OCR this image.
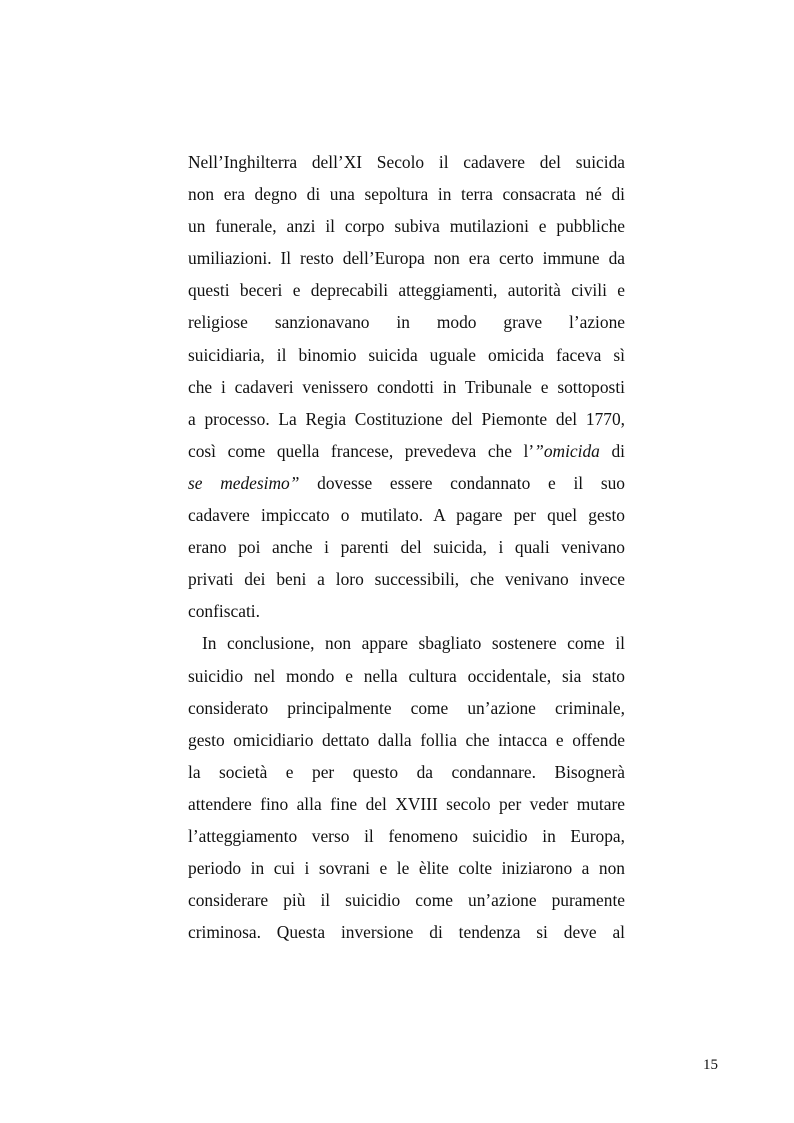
Nell’Inghilterra dell’XI Secolo il cadavere del suicida
non era degno di una sepoltura in terra consacrata né di
un funerale, anzi il corpo subiva mutilazioni e pubbliche
umiliazioni. Il resto dell’Europa non era certo immune da
questi beceri e deprecabili atteggiamenti, autorità civili e
religiose sanzionavano in modo grave l’azione
suicidiaria, il binomio suicida uguale omicida faceva sì
che i cadaveri venissero condotti in Tribunale e sottoposti
a processo. La Regia Costituzione del Piemonte del 1770,
così come quella francese, prevedeva che l’”omicida di
se medesimo” dovesse essere condannato e il suo
cadavere impiccato o mutilato. A pagare per quel gesto
erano poi anche i parenti del suicida, i quali venivano
privati dei beni a loro successibili, che venivano invece
confiscati.

In conclusione, non appare sbagliato sostenere come il
suicidio nel mondo e nella cultura occidentale, sia stato
considerato principalmente come un’azione criminale,
gesto omicidiario dettato dalla follia che intacca e offende
la società e per questo da condannare. Bisognerà
attendere fino alla fine del XVIII secolo per veder mutare
l’atteggiamento verso il fenomeno suicidio in Europa,
periodo in cui i sovrani e le èlite colte iniziarono a non
considerare più il suicidio come un’azione puramente
criminosa. Questa inversione di tendenza si deve al

15
